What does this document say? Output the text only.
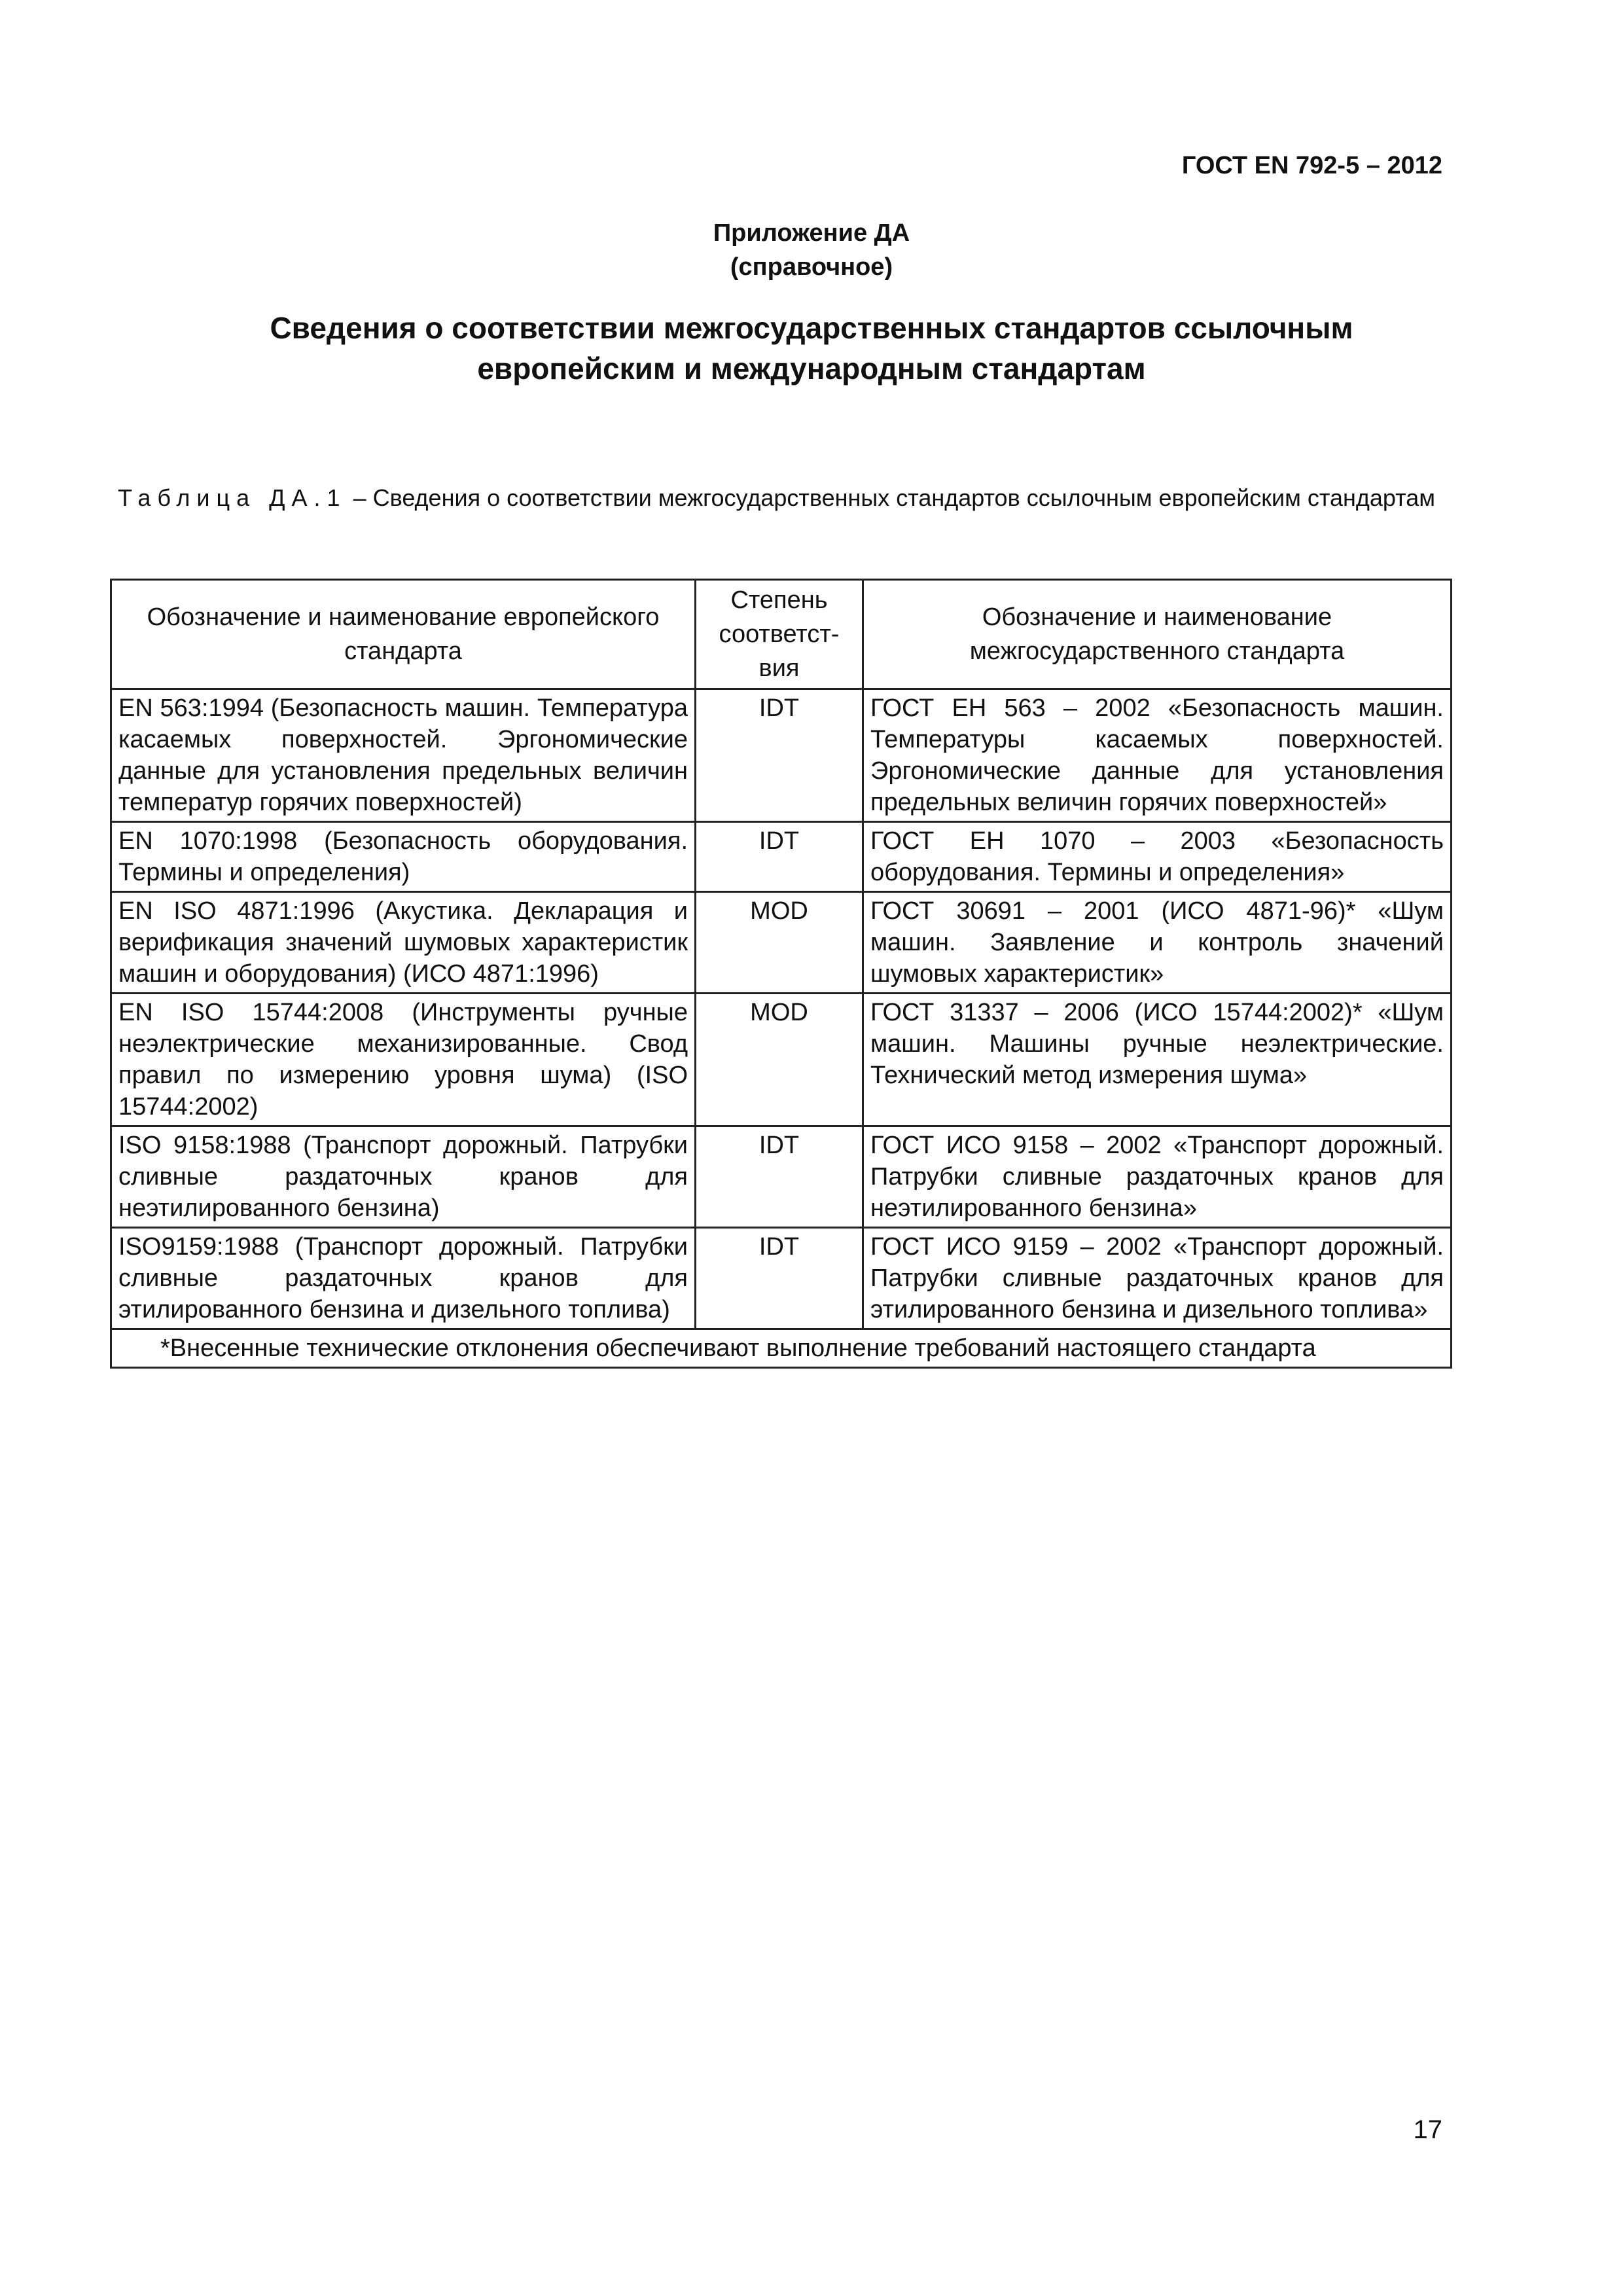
ГОСТ EN 792-5 – 2012
Приложение ДА
(справочное)
Сведения о соответствии межгосударственных стандартов ссылочным европейским и международным стандартам
Таблица ДА.1 – Сведения о соответствии межгосударственных стандартов ссылочным европейским стандартам
Обозначение и наименование европейского стандарта	Степень соответст-вия	Обозначение и наименование межгосударственного стандарта
EN 563:1994 (Безопасность машин. Температура касаемых поверхностей. Эргономические данные для установления предельных величин температур горячих поверхностей)	IDT	ГОСТ ЕН 563 – 2002 «Безопасность машин. Температуры касаемых поверхностей. Эргономические данные для установления предельных величин горячих поверхностей»
EN 1070:1998 (Безопасность оборудования. Термины и определения)	IDT	ГОСТ ЕН 1070 – 2003 «Безопасность оборудования. Термины и определения»
EN ISO 4871:1996 (Акустика. Декларация и верификация значений шумовых характеристик машин и оборудования) (ИСО 4871:1996)	MOD	ГОСТ 30691 – 2001 (ИСО 4871-96)* «Шум машин. Заявление и контроль значений шумовых характеристик»
EN ISO 15744:2008 (Инструменты ручные неэлектрические механизированные. Свод правил по измерению уровня шума) (ISO 15744:2002)	MOD	ГОСТ 31337 – 2006 (ИСО 15744:2002)* «Шум машин. Машины ручные неэлектрические. Технический метод измерения шума»
ISO 9158:1988 (Транспорт дорожный. Патрубки сливные раздаточных кранов для неэтилированного бензина)	IDT	ГОСТ ИСО 9158 – 2002 «Транспорт дорожный. Патрубки сливные раздаточных кранов для неэтилированного бензина»
ISO9159:1988 (Транспорт дорожный. Патрубки сливные раздаточных кранов для этилированного бензина и дизельного топлива)	IDT	ГОСТ ИСО 9159 – 2002 «Транспорт дорожный. Патрубки сливные раздаточных кранов для этилированного бензина и дизельного топлива»
*Внесенные технические отклонения обеспечивают выполнение требований настоящего стандарта		
17
